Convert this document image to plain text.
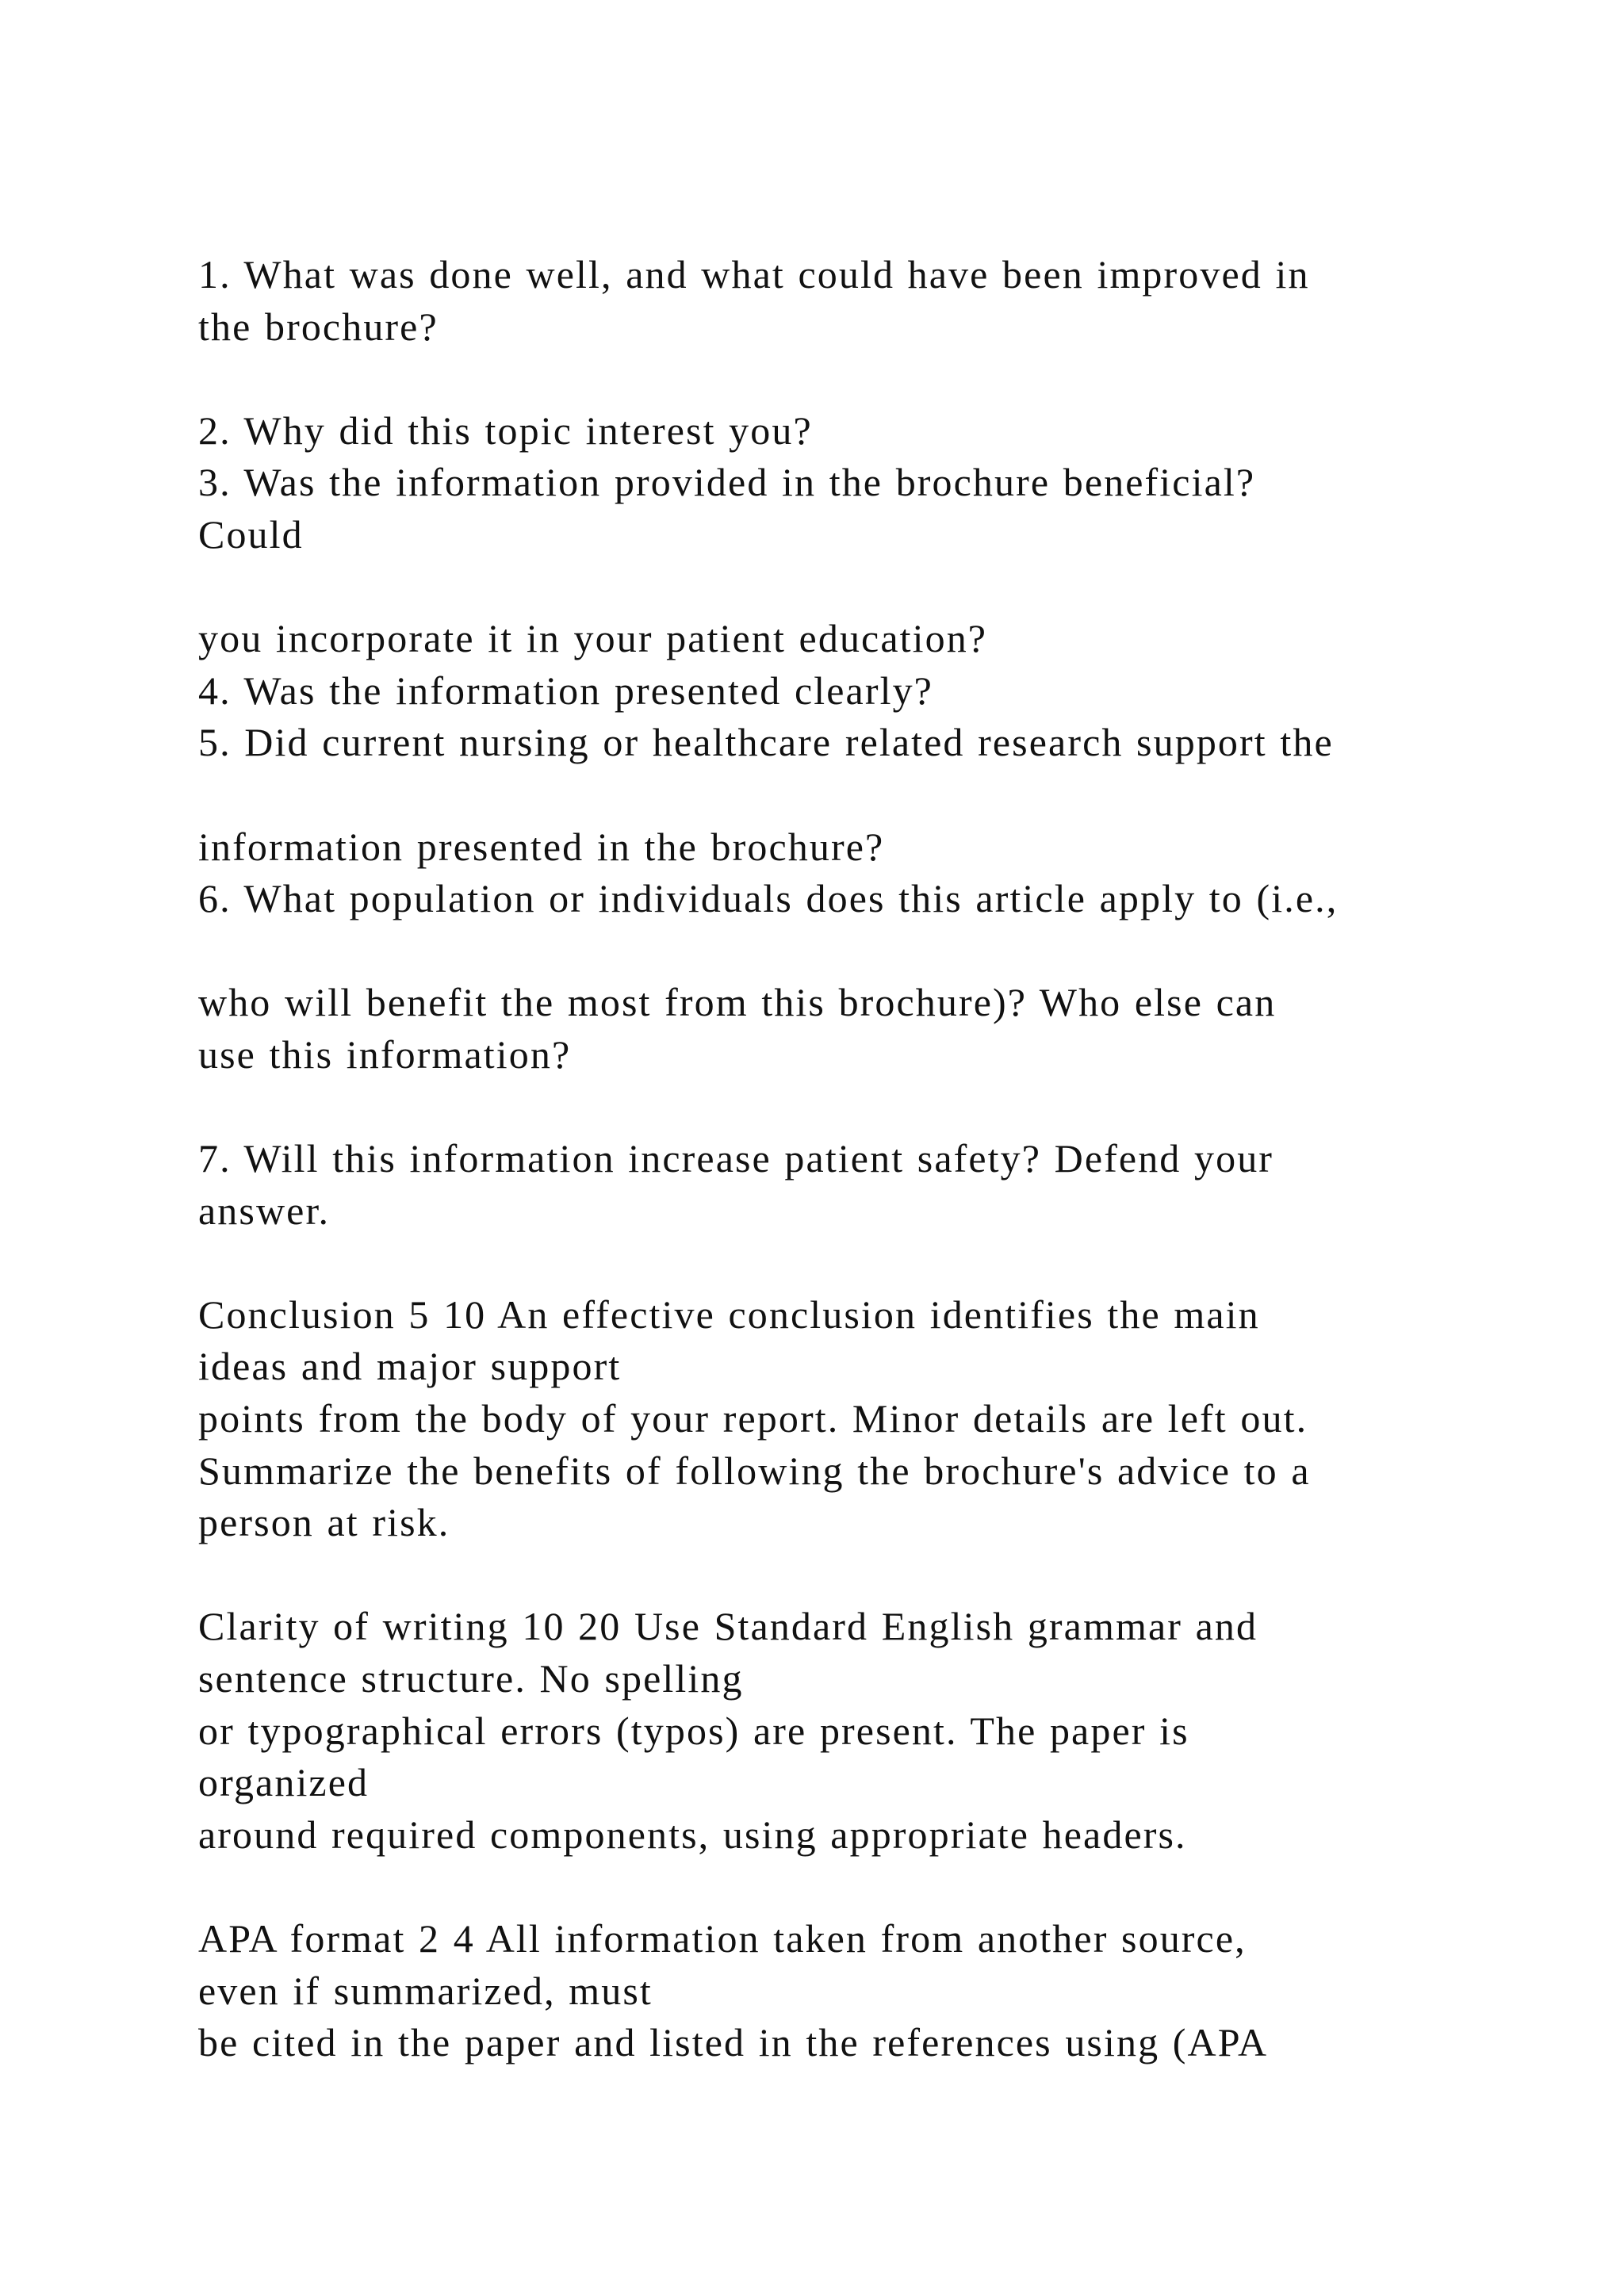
1. What was done well, and what could have been improved in
the brochure?
2. Why did this topic interest you?
3. Was the information provided in the brochure beneficial?
Could
you incorporate it in your patient education?
4. Was the information presented clearly?
5. Did current nursing or healthcare related research support the
information presented in the brochure?
6. What population or individuals does this article apply to (i.e.,
who will benefit the most from this brochure)? Who else can
use this information?
7. Will this information increase patient safety? Defend your
answer.
Conclusion 5 10 An effective conclusion identifies the main
ideas and major support
points from the body of your report. Minor details are left out.
Summarize the benefits of following the brochure's advice to a
person at risk.
Clarity of writing 10 20 Use Standard English grammar and
sentence structure. No spelling
or typographical errors (typos) are present. The paper is
organized
around required components, using appropriate headers.
APA format 2 4 All information taken from another source,
even if summarized, must
be cited in the paper and listed in the references using (APA
